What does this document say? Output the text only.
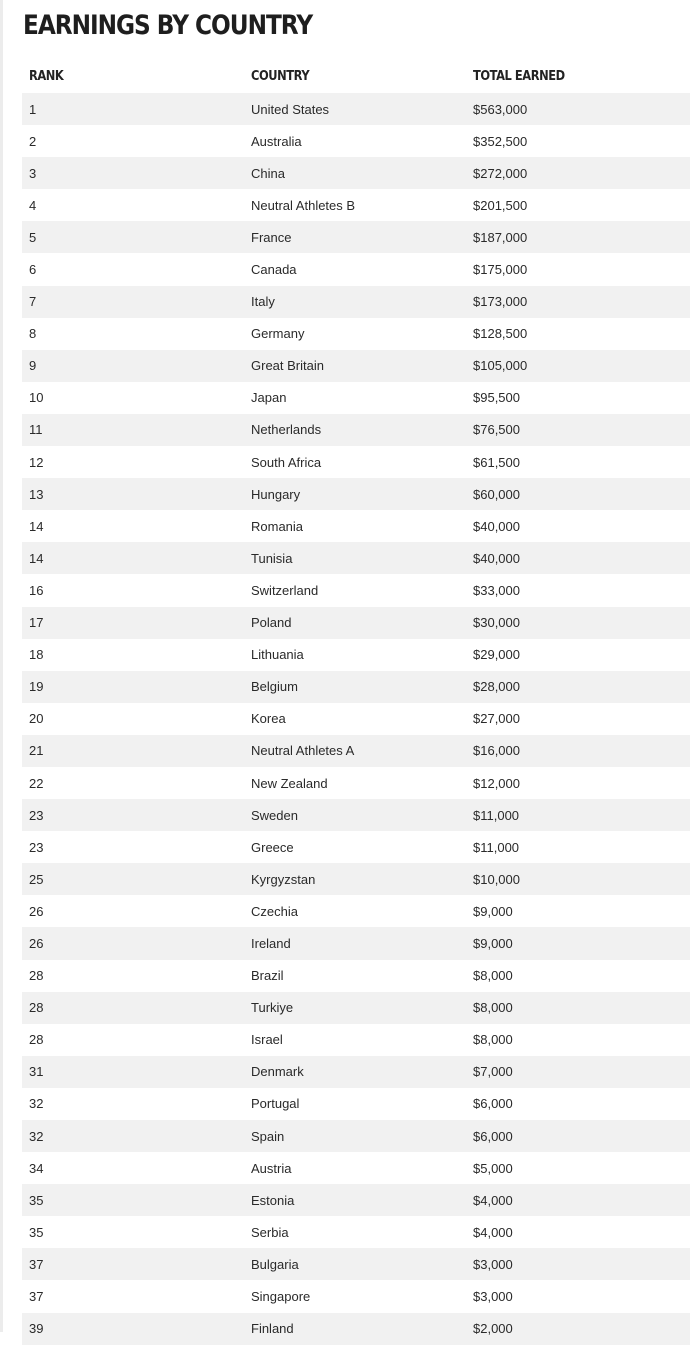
EARNINGS BY COUNTRY
RANK	COUNTRY	TOTAL EARNED
1	United States	$563,000
2	Australia	$352,500
3	China	$272,000
4	Neutral Athletes B	$201,500
5	France	$187,000
6	Canada	$175,000
7	Italy	$173,000
8	Germany	$128,500
9	Great Britain	$105,000
10	Japan	$95,500
11	Netherlands	$76,500
12	South Africa	$61,500
13	Hungary	$60,000
14	Romania	$40,000
14	Tunisia	$40,000
16	Switzerland	$33,000
17	Poland	$30,000
18	Lithuania	$29,000
19	Belgium	$28,000
20	Korea	$27,000
21	Neutral Athletes A	$16,000
22	New Zealand	$12,000
23	Sweden	$11,000
23	Greece	$11,000
25	Kyrgyzstan	$10,000
26	Czechia	$9,000
26	Ireland	$9,000
28	Brazil	$8,000
28	Turkiye	$8,000
28	Israel	$8,000
31	Denmark	$7,000
32	Portugal	$6,000
32	Spain	$6,000
34	Austria	$5,000
35	Estonia	$4,000
35	Serbia	$4,000
37	Bulgaria	$3,000
37	Singapore	$3,000
39	Finland	$2,000
